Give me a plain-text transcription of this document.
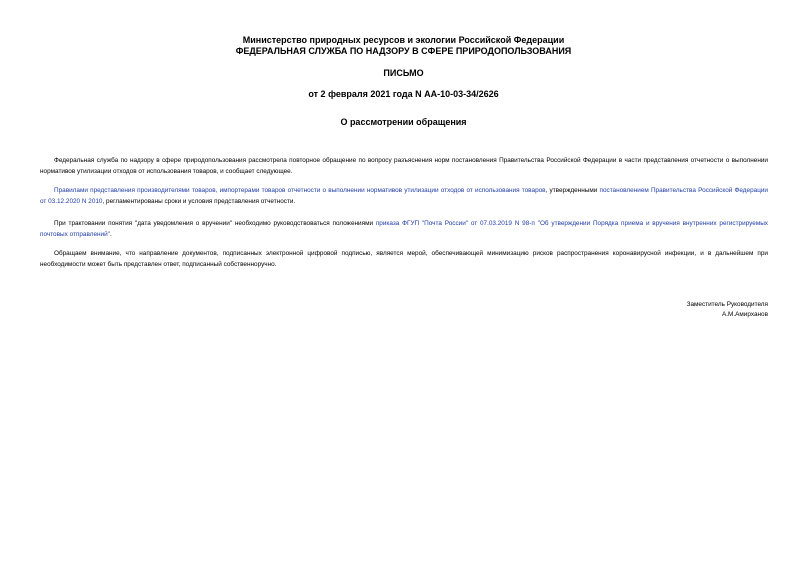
Министерство природных ресурсов и экологии Российской Федерации
ФЕДЕРАЛЬНАЯ СЛУЖБА ПО НАДЗОРУ В СФЕРЕ ПРИРОДОПОЛЬЗОВАНИЯ
ПИСЬМО
от 2 февраля 2021 года N АА-10-03-34/2626
О рассмотрении обращения

Федеральная служба по надзору в сфере природопользования рассмотрела повторное обращение по вопросу разъяснения норм постановления Правительства Российской Федерации в части представления отчетности о выполнении нормативов утилизации отходов от использования товаров, и сообщает следующее.

Правилами представления производителями товаров, импортерами товаров отчетности о выполнении нормативов утилизации отходов от использования товаров, утвержденными постановлением Правительства Российской Федерации от 03.12.2020 N 2010, регламентированы сроки и условия представления отчетности.

При трактовании понятия "дата уведомления о вручении" необходимо руководствоваться положениями приказа ФГУП "Почта России" от 07.03.2019 N 98-п "Об утверждении Порядка приема и вручения внутренних регистрируемых почтовых отправлений".

Обращаем внимание, что направление документов, подписанных электронной цифровой подписью, является мерой, обеспечивающей минимизацию рисков распространения коронавирусной инфекции, и в дальнейшем при необходимости может быть представлен ответ, подписанный собственноручно.

Заместитель Руководителя
А.М.Амирханов
